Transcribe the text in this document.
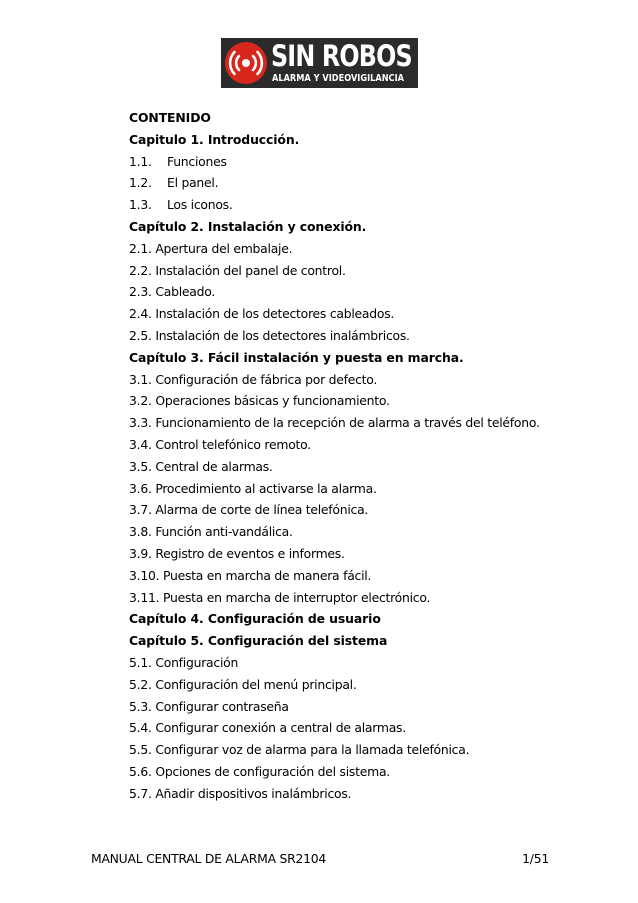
SIN ROBOS
ALARMA Y VIDEOVIGILANCIA
CONTENIDO
Capitulo 1. Introducción.
1.1. Funciones
1.2. El panel.
1.3. Los iconos.
Capítulo 2. Instalación y conexión.
2.1. Apertura del embalaje.
2.2. Instalación del panel de control.
2.3. Cableado.
2.4. Instalación de los detectores cableados.
2.5. Instalación de los detectores inalámbricos.
Capítulo 3. Fácil instalación y puesta en marcha.
3.1. Configuración de fábrica por defecto.
3.2. Operaciones básicas y funcionamiento.
3.3. Funcionamiento de la recepción de alarma a través del teléfono.
3.4. Control telefónico remoto.
3.5. Central de alarmas.
3.6. Procedimiento al activarse la alarma.
3.7. Alarma de corte de línea telefónica.
3.8. Función anti-vandálica.
3.9. Registro de eventos e informes.
3.10. Puesta en marcha de manera fácil.
3.11. Puesta en marcha de interruptor electrónico.
Capítulo 4. Configuración de usuario
Capítulo 5. Configuración del sistema
5.1. Configuración
5.2. Configuración del menú principal.
5.3. Configurar contraseña
5.4. Configurar conexión a central de alarmas.
5.5. Configurar voz de alarma para la llamada telefónica.
5.6. Opciones de configuración del sistema.
5.7. Añadir dispositivos inalámbricos.
MANUAL CENTRAL DE ALARMA SR2104	1/51
